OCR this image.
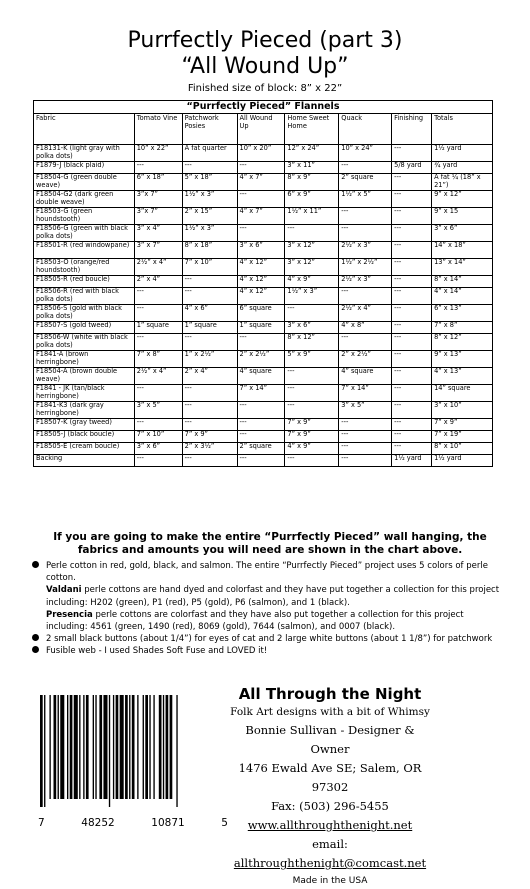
Purrfectly Pieced (part 3)
“All Wound Up”
Finished size of block: 8” x 22”
“Purrfectly Pieced” Flannels							
Fabric	Tomato Vine	Patchwork Posies	All Wound Up	Home Sweet Home	Quack	Finishing	Totals
F18131-K (light gray with polka dots)	10” x 22”	A fat quarter	10” x 20”	12” x 24”	10” x 24”	---	1½ yard
F1879-J (black plaid)	---	---	---	3” x 11”	---	5/8 yard	¾ yard
F18504-G (green double weave)	6” x 18”	5” x 18”	4” x 7”	8” x 9”	2” square	---	A fat ¼ (18” x 21”)
F18504-G2 (dark green double weave)	3”x 7”	1½” x 3”	---	6” x 9”	1½” x 5”	---	9” x 12”
F18503-G (green houndstooth)	3”x 7”	2” x 15”	4” x 7”	1½” x 11”	---	---	9” x 15
F18506-G (green with black polka dots)	3” x 4”	1½” x 3”	---	---	---	---	3” x 6”
F18501-R (red windowpane)	3” x 7”	8” x 18”	3” x 6”	3” x 12”	2½” x 3”	---	14” x 18”
F18503-O (orange/red houndstooth)	2½” x 4”	7” x 10”	4” x 12”	3” x 12”	1½” x 2½”	---	13” x 14”
F18505-R (red boucle)	2” x 4”	---	4” x 12”	4” x 9”	2½” x 3”	---	8” x 14”
F18506-R (red with black polka dots)	---	---	4” x 12”	1½” x 3”	---	---	4” x 14”
F18506-S (gold with black polka dots)	---	4” x 6”	6” square	---	2½” x 4”	---	6” x 13”
F18507-S (gold tweed)	1” square	1” square	1” square	3” x 6”	4” x 8”	---	7” x 8”
F18506-W (white with black polka dots)	---	---	---	8” x 12”	---	---	8” x 12”
F1841-A (brown herringbone)	7” x 8”	1” x 2½”	2” x 2½”	5” x 9”	2” x 2½”	---	9” x 13”
F18504-A (brown double weave)	2½” x 4”	2” x 4”	4” square	---	4” square	---	4” x 13”
F1841 - JK (tan/black herringbone)	---	---	7” x 14”	---	7” x 14”	---	14” square
F1841-K3 (dark gray herringbone)	3” x 5”	---	---	---	3” x 5”	---	3” x 10”
F18507-K (gray tweed)	---	---	---	7” x 9”	---	---	7” x 9”
F18505-J (black boucle)	7” x 10”	7” x 9”	---	7” x 9”	---	---	7” x 19”
F18505-E (cream boucle)	3” x 6”	2” x 3½”	2” square	4” x 9”	---	---	8” x 10”
Backing	---	---	---	---	---	1½ yard	1½ yard
If you are going to make the entire “Purrfectly Pieced” wall hanging, the fabrics and amounts you will need are shown in the chart above.
Perle cotton in red, gold, black, and salmon. The entire “Purrfectly Pieced” project uses 5 colors of perle cotton.
Valdani perle cottons are hand dyed and colorfast and they have put together a collection for this project including: H202 (green), P1 (red), P5 (gold), P6 (salmon), and 1 (black).
Presencia perle cottons are colorfast and they have also put together a collection for this project including: 4561 (green, 1490 (red), 8069 (gold), 7644 (salmon), and 0007 (black).
2 small black buttons (about 1/4”) for eyes of cat and 2 large white buttons (about 1 1/8”) for patchwork
Fusible web - I used Shades Soft Fuse and LOVED it!
7	48252	10871	5
All Through the Night
Folk Art designs with a bit of Whimsy
Bonnie Sullivan - Designer & Owner
1476 Ewald Ave SE; Salem, OR 97302
Fax: (503) 296-5455
www.allthroughthenight.net
email: allthroughthenight@comcast.net
Made in the USA
